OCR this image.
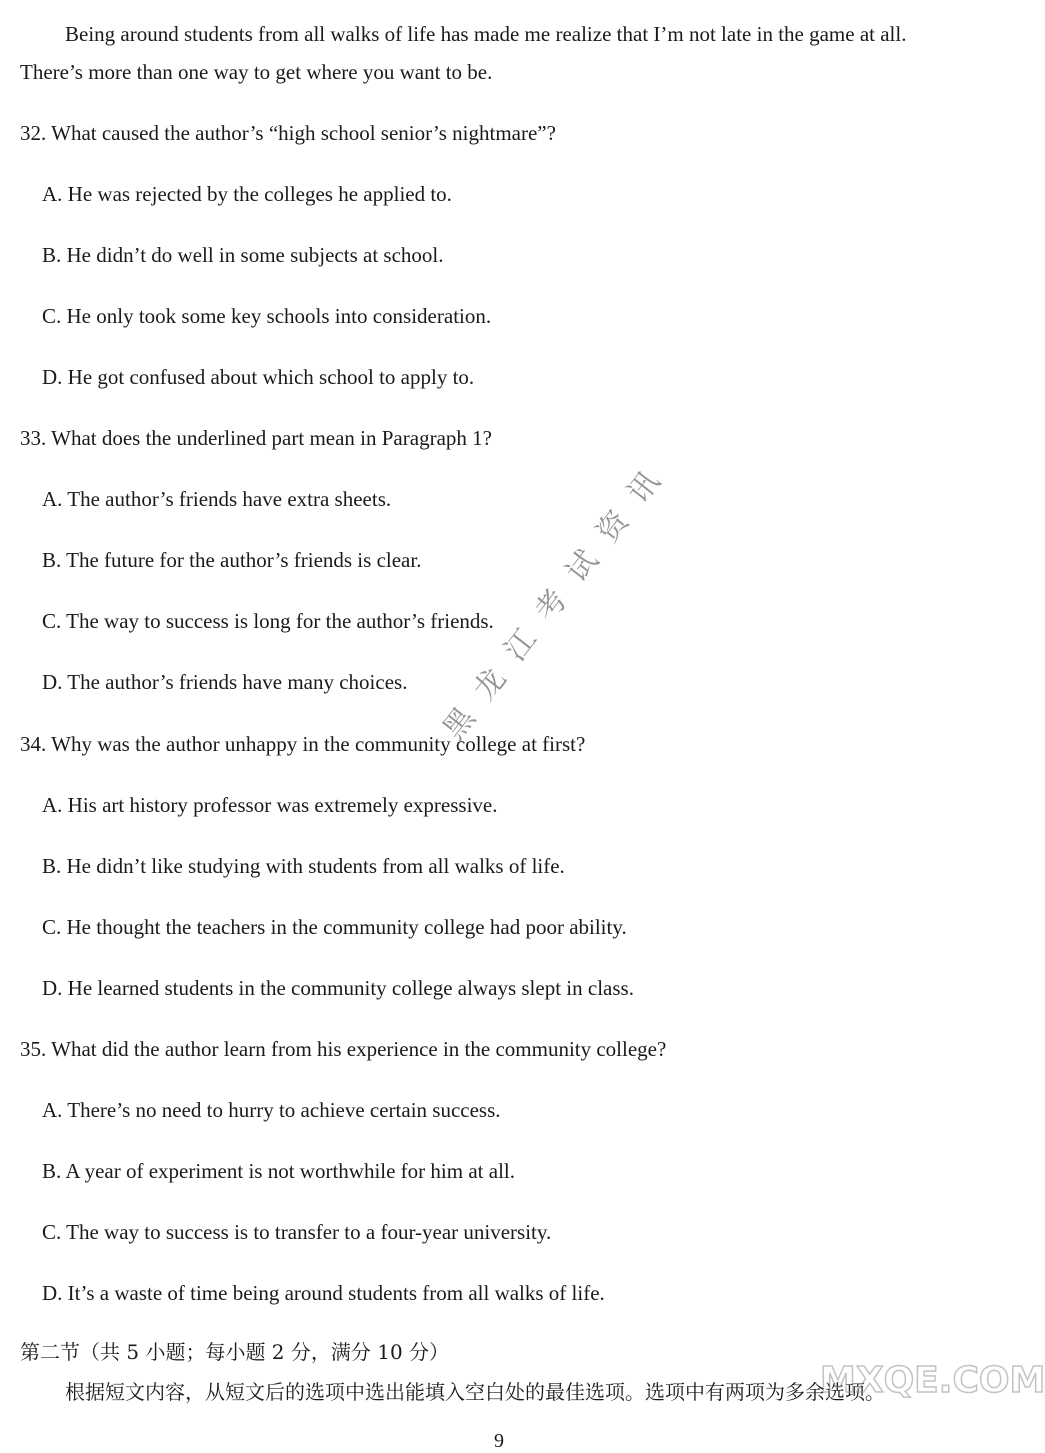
Being around students from all walks of life has made me realize that I’m not late in the game at all.
There’s more than one way to get where you want to be.
32. What caused the author’s “high school senior’s nightmare”?
A. He was rejected by the colleges he applied to.
B. He didn’t do well in some subjects at school.
C. He only took some key schools into consideration.
D. He got confused about which school to apply to.
33. What does the underlined part mean in Paragraph 1?
A. The author’s friends have extra sheets.
B. The future for the author’s friends is clear.
C. The way to success is long for the author’s friends.
D. The author’s friends have many choices.
34. Why was the author unhappy in the community college at first?
A. His art history professor was extremely expressive.
B. He didn’t like studying with students from all walks of life.
C. He thought the teachers in the community college had poor ability.
D. He learned students in the community college always slept in class.
35. What did the author learn from his experience in the community college?
A. There’s no need to hurry to achieve certain success.
B. A year of experiment is not worthwhile for him at all.
C. The way to success is to transfer to a four-year university.
D. It’s a waste of time being around students from all walks of life.
第二节（共 5 小题；每小题 2 分，满分 10 分）
根据短文内容，从短文后的选项中选出能填入空白处的最佳选项。选项中有两项为多余选项。
黑龙江考试资讯
MXQE.COM
9
